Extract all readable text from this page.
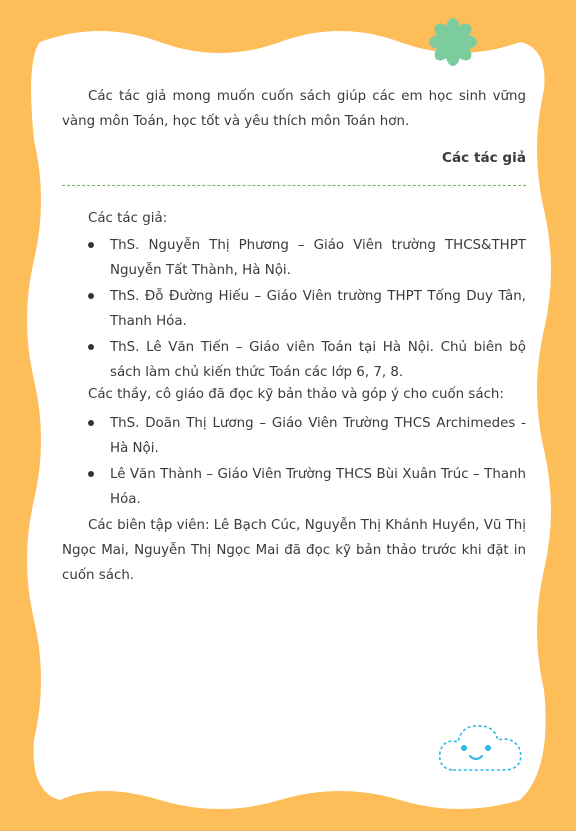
Các tác giả mong muốn cuốn sách giúp các em học sinh vững vàng môn Toán, học tốt và yêu thích môn Toán hơn.

Các tác giả

Các tác giả:

ThS. Nguyễn Thị Phương – Giáo Viên trường THCS&THPT Nguyễn Tất Thành, Hà Nội.
ThS. Đỗ Đường Hiếu – Giáo Viên trường THPT Tống Duy Tân, Thanh Hóa.
ThS. Lê Văn Tiến – Giáo viên Toán tại Hà Nội. Chủ biên bộ sách làm chủ kiến thức Toán các lớp 6, 7, 8.

Các thầy, cô giáo đã đọc kỹ bản thảo và góp ý cho cuốn sách:

ThS. Doãn Thị Lương – Giáo Viên Trường THCS Archimedes - Hà Nội.
Lê Văn Thành – Giáo Viên Trường THCS Bùi Xuân Trúc – Thanh Hóa.

Các biên tập viên: Lê Bạch Cúc, Nguyễn Thị Khánh Huyền, Vũ Thị Ngọc Mai, Nguyễn Thị Ngọc Mai đã đọc kỹ bản thảo trước khi đặt in cuốn sách.
